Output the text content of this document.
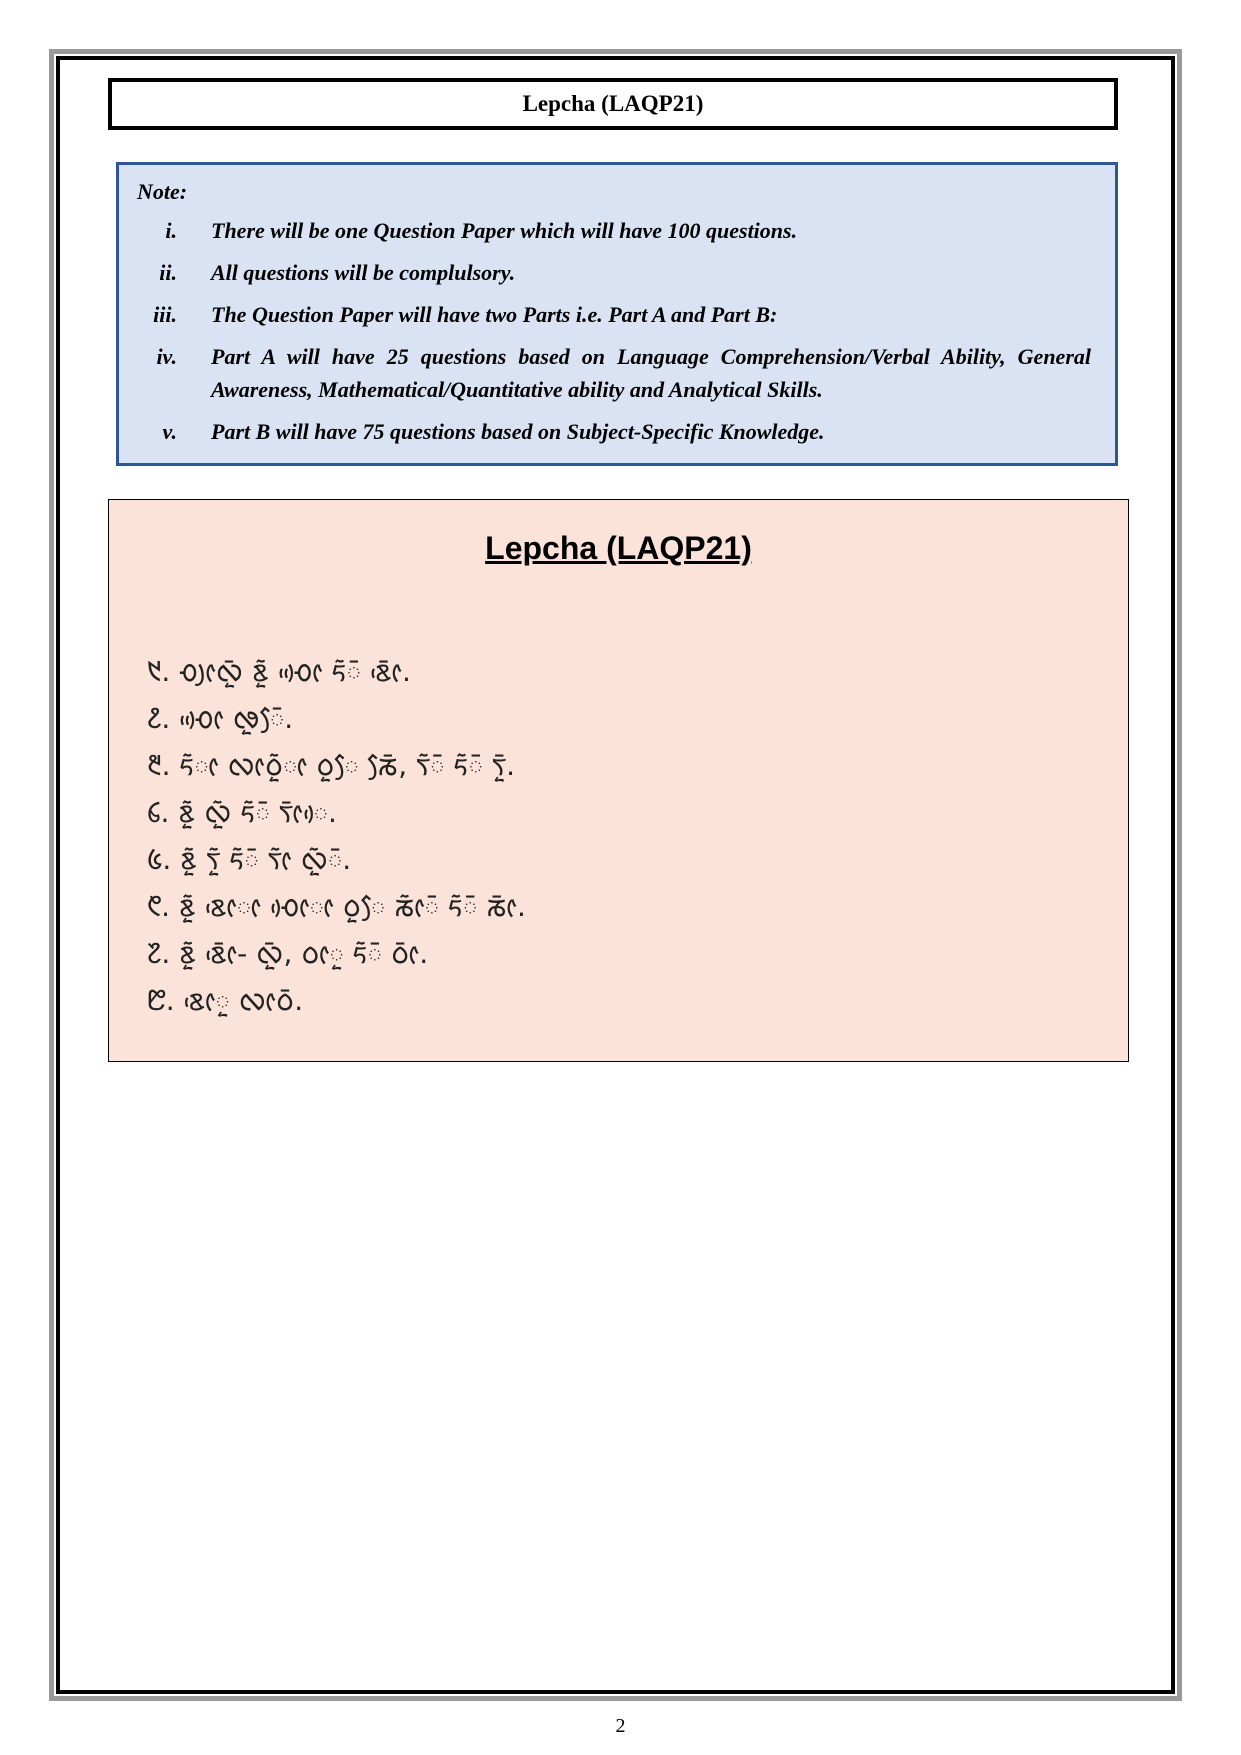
Lepcha (LAQP21)
Note:
i. There will be one Question Paper which will have 100 questions.
ii. All questions will be complulsory.
iii. The Question Paper will have two Parts i.e. Part A and Part B:
iv. Part A will have 25 questions based on Language Comprehension/Verbal Ability, General Awareness, Mathematical/Quantitative ability and Analytical Skills.
v. Part B will have 75 questions based on Subject-Specific Knowledge.
Lepcha (LAQP21)
᱑. ᰆᰪᰦᰜᰬᰳ ᰣᰬᰶ ᰆᰦᰴᰵ ᰁᰶᰳ ᰣᰦᰵᰳ.
᱒. ᰆᰦᰴᰵ ᰒᰬᰧᰳ.
᱓. ᰁᰶᰦ ᰜᰦᰓᰬᰶᰦ ᰓᰬᰧ ᰕᰧᰳ, ᰛᰶᰳ ᰁᰶᰳ ᰛᰬᰳ.
᱔. ᰣᰬᰶ ᰜᰬᰶ ᰁᰶᰳ ᰛᰦᰳᰴ.
᱕. ᰣᰬᰶ ᰛᰬᰶ ᰁᰶᰳ ᰛᰦᰶ ᰜᰬᰶᰳ.
᱖. ᰣᰬᰶ ᰣᰦᰵᰦ ᰆᰦᰴᰦ ᰓᰬᰧ ᰕᰦᰶᰳ ᰁᰶᰳ ᰕᰦᰳ.
᱗. ᰣᰬᰶ ᰣᰦᰵᰳ- ᰜᰬᰳ, ᰓᰦᰬ ᰁᰶᰳ ᰓᰦᰳ.
᱘. ᰣᰦᰵᰬ ᰜᰦᰓᰳ.
2
